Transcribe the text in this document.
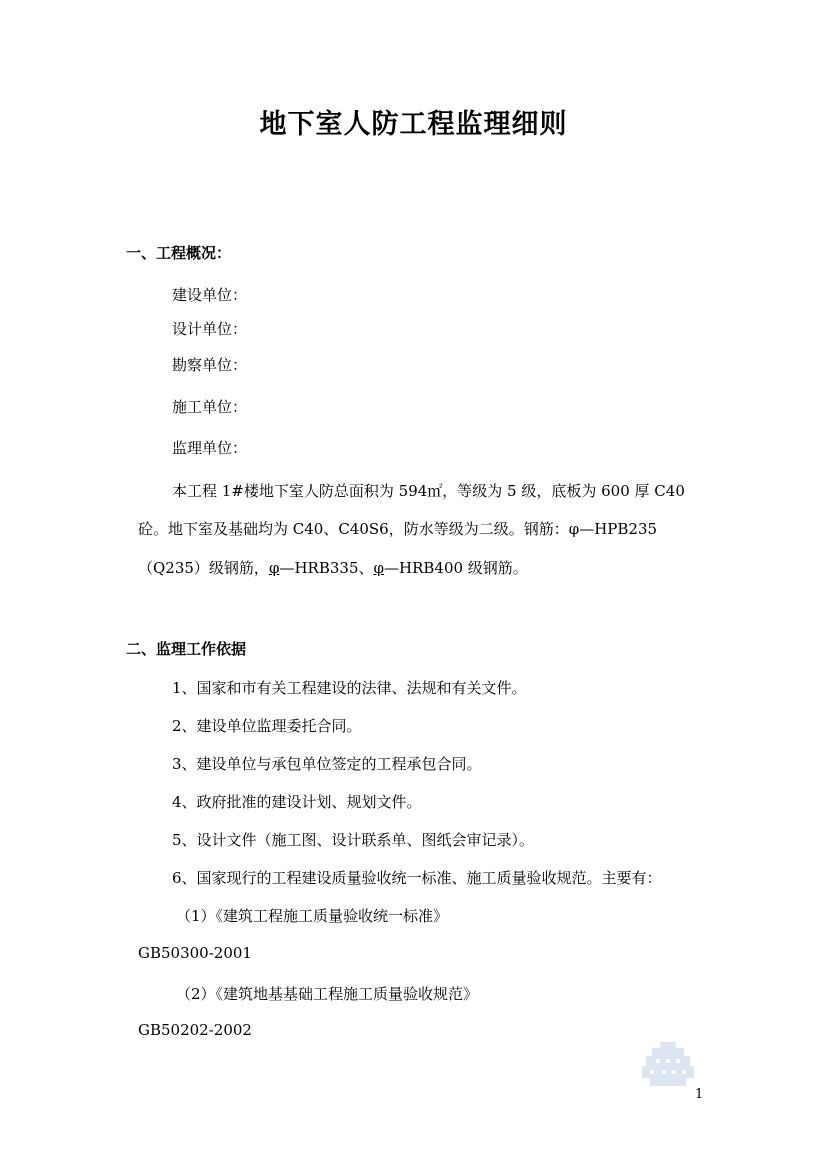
地下室人防工程监理细则
一、工程概况：
建设单位：
设计单位：
勘察单位：
施工单位：
监理单位：
本工程 1#楼地下室人防总面积为 594㎡，等级为 5 级，底板为 600 厚 C40
砼。地下室及基础均为 C40、C40S6，防水等级为二级。钢筋：φ—HPB235
（Q235）级钢筋，φ—HRB335、φ—HRB400 级钢筋。
二、监理工作依据
1、国家和市有关工程建设的法律、法规和有关文件。
2、建设单位监理委托合同。
3、建设单位与承包单位签定的工程承包合同。
4、政府批准的建设计划、规划文件。
5、设计文件（施工图、设计联系单、图纸会审记录）。
6、国家现行的工程建设质量验收统一标准、施工质量验收规范。主要有：
（1）《建筑工程施工质量验收统一标准》
GB50300-2001
（2）《建筑地基基础工程施工质量验收规范》
GB50202-2002
1
